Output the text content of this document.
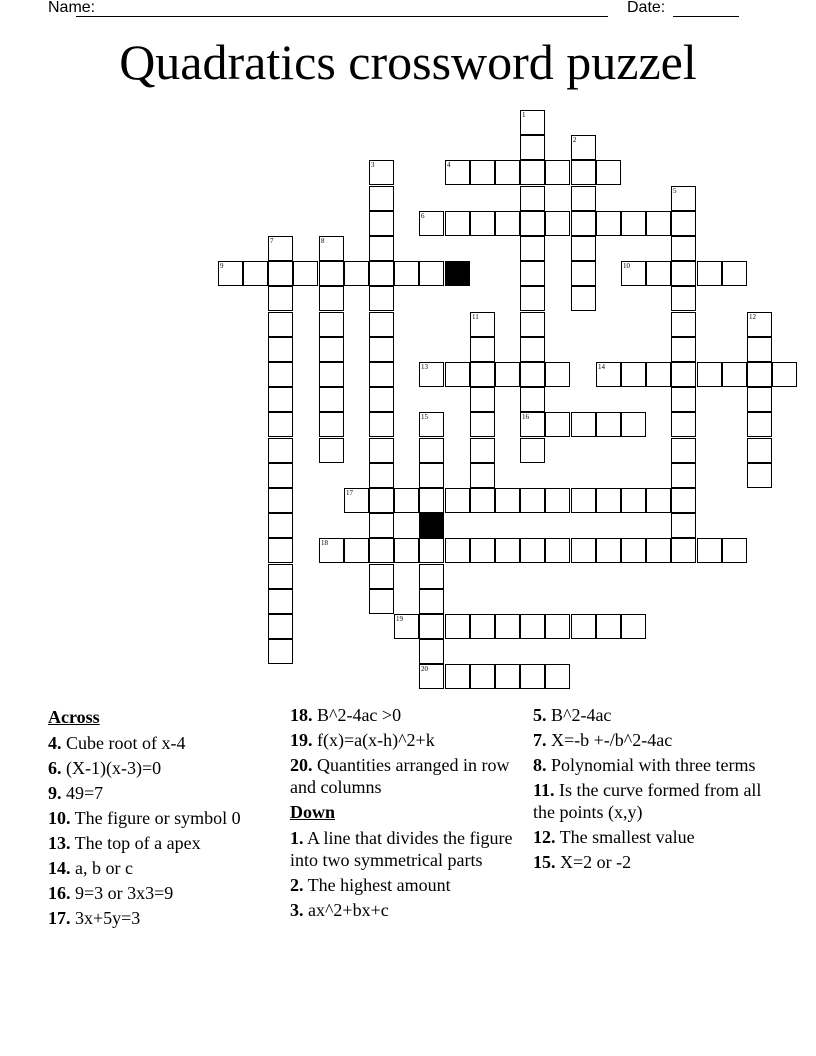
Name:	Date:
Quadratics crossword puzzel
1
16
2
3	4
5
6
7	8
9	10
11	12
13	14
15
20
17
18
19
Across
4. Cube root of x-4
6. (X-1)(x-3)=0
9. 49=7
10. The figure or symbol 0
13. The top of a apex
14. a, b or c
16. 9=3 or 3x3=9
17. 3x+5y=3
18. B^2-4ac >0
19. f(x)=a(x-h)^2+k
20. Quantities arranged in row and columns
Down
1. A line that divides the figure into two symmetrical parts
2. The highest amount
3. ax^2+bx+c
5. B^2-4ac
7. X=-b +-/b^2-4ac
8. Polynomial with three terms
11. Is the curve formed from all the points (x,y)
12. The smallest value
15. X=2 or -2
